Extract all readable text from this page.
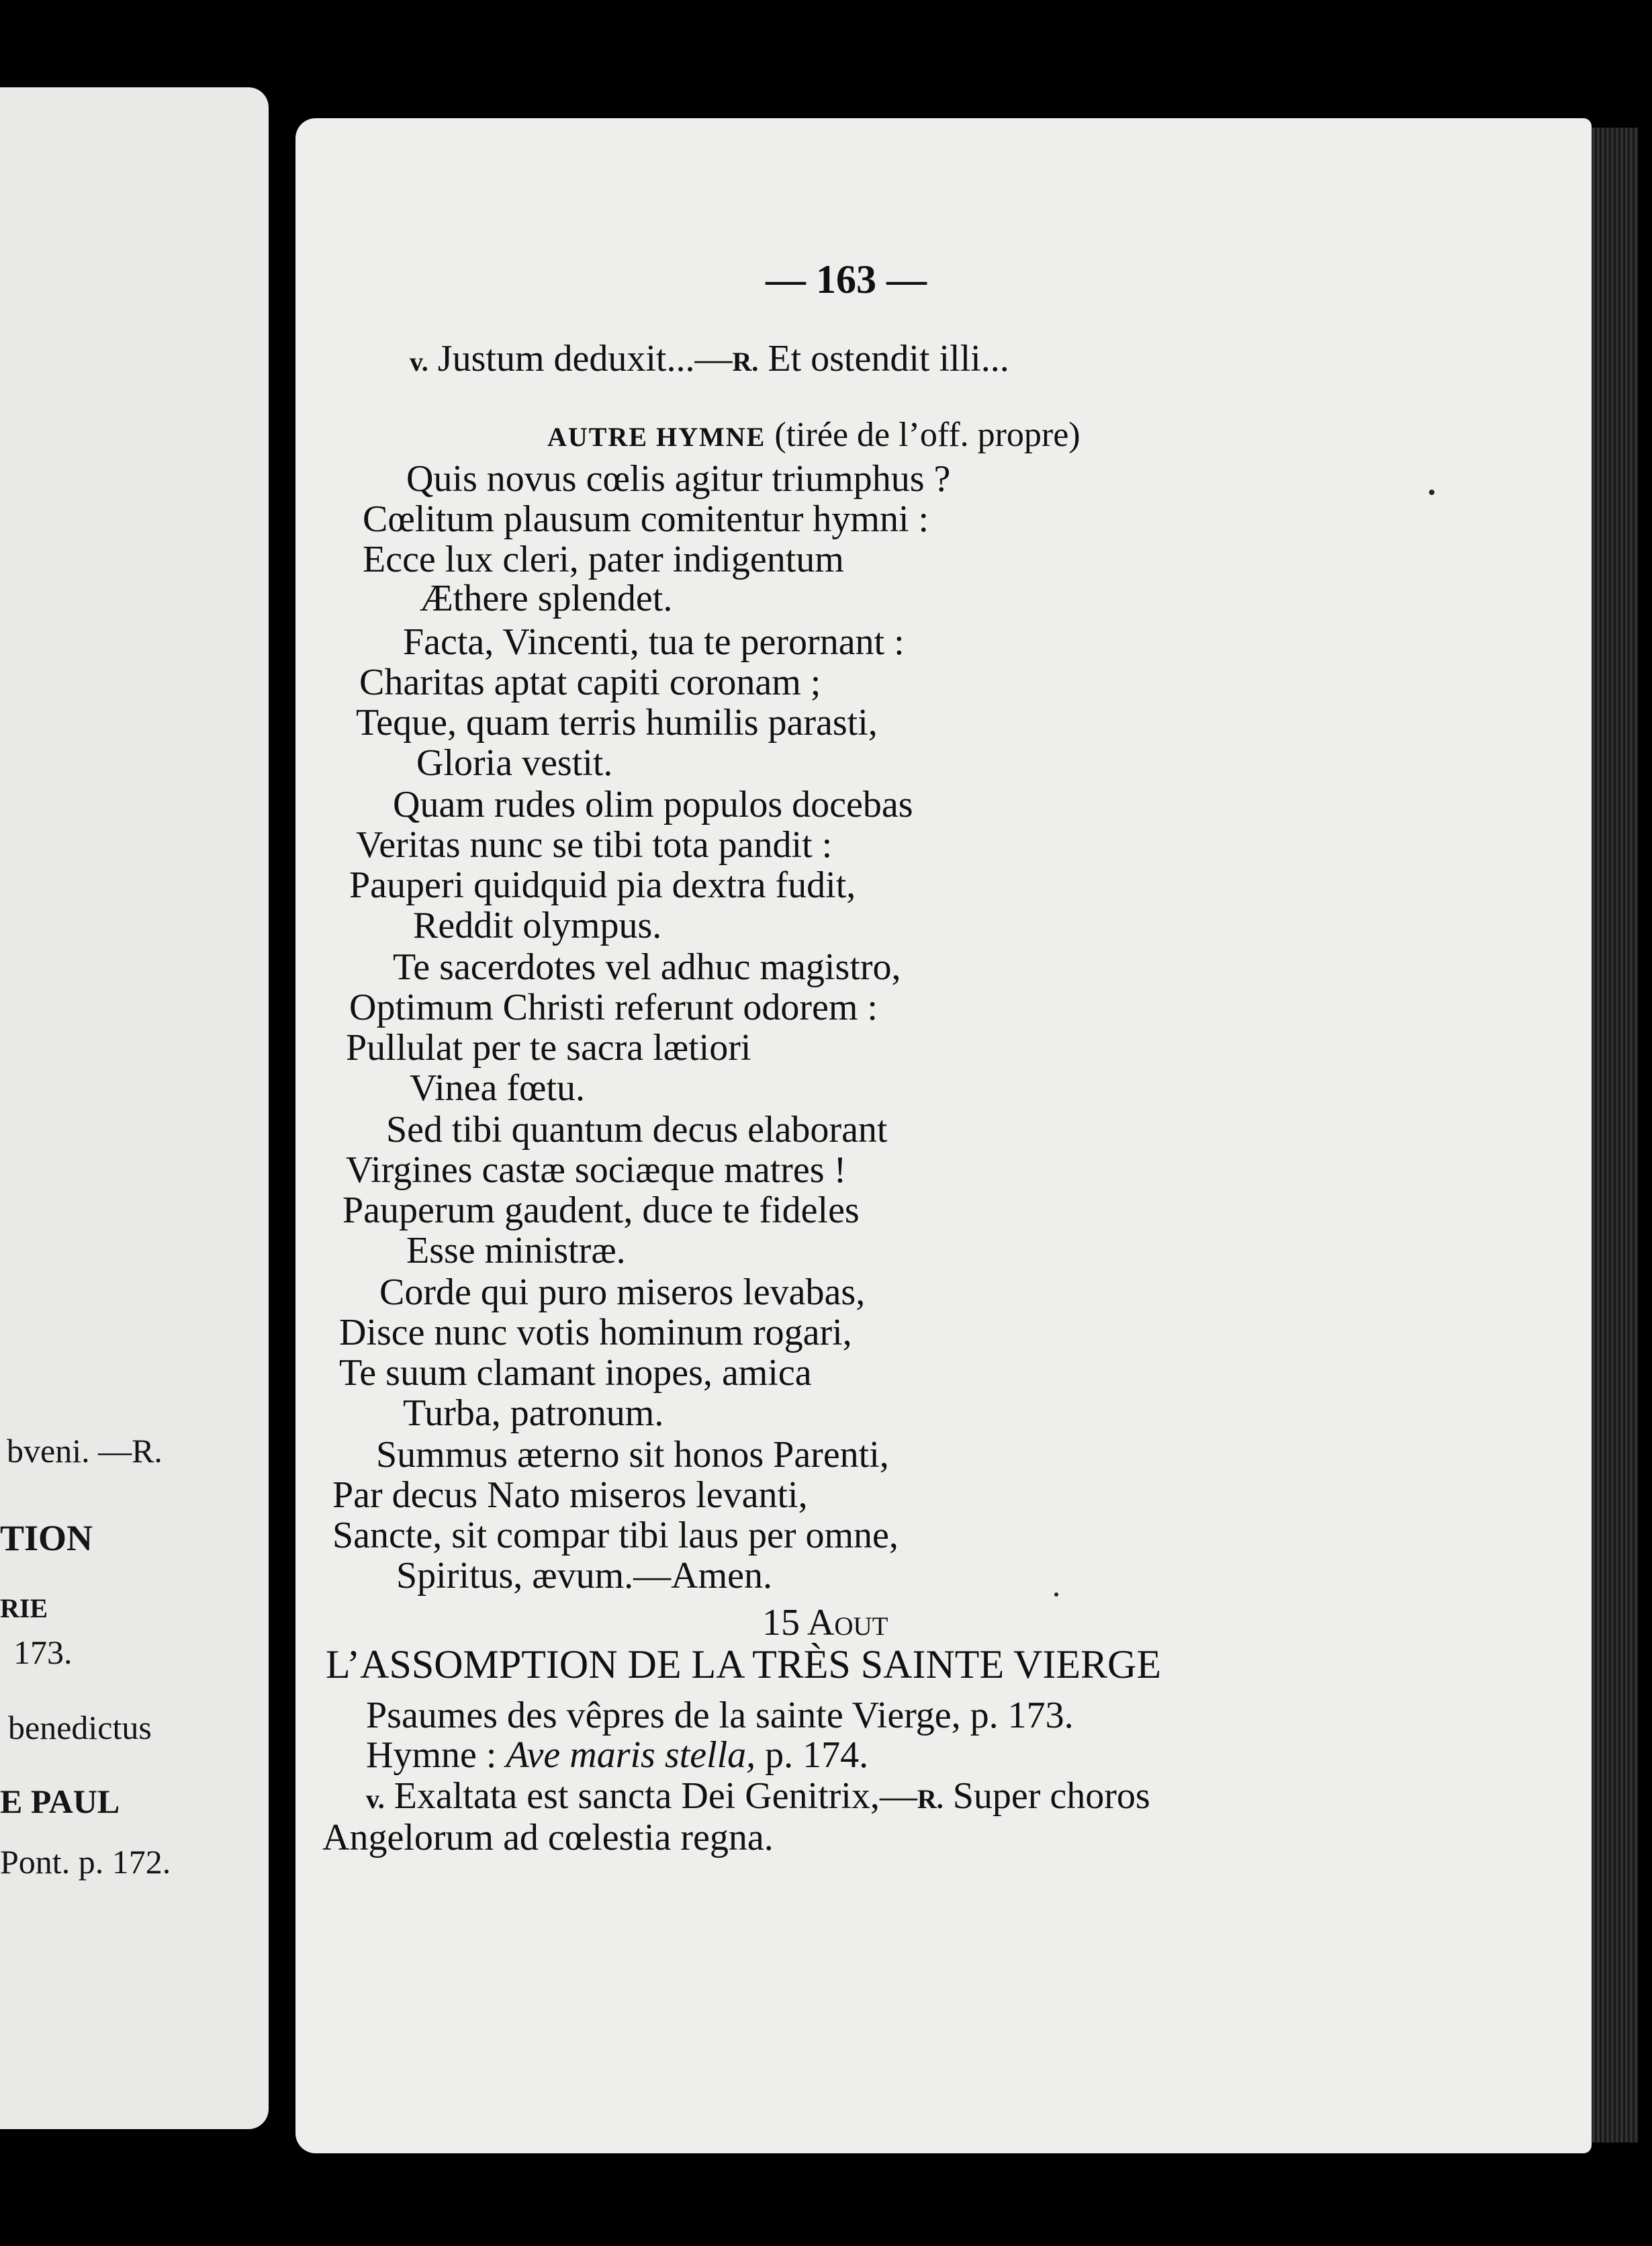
bveni. —R.
TION
RIE
173.
benedictus
E PAUL
Pont. p. 172.
— 163 —
v. Justum deduxit...—R. Et ostendit illi...
AUTRE HYMNE (tirée de l’off. propre)
Quis novus cœlis agitur triumphus ?
Cœlitum plausum comitentur hymni :
Ecce lux cleri, pater indigentum
Æthere splendet.
Facta, Vincenti, tua te perornant :
Charitas aptat capiti coronam ;
Teque, quam terris humilis parasti,
Gloria vestit.
Quam rudes olim populos docebas
Veritas nunc se tibi tota pandit :
Pauperi quidquid pia dextra fudit,
Reddit olympus.
Te sacerdotes vel adhuc magistro,
Optimum Christi referunt odorem :
Pullulat per te sacra lætiori
Vinea fœtu.
Sed tibi quantum decus elaborant
Virgines castæ sociæque matres !
Pauperum gaudent, duce te fideles
Esse ministræ.
Corde qui puro miseros levabas,
Disce nunc votis hominum rogari,
Te suum clamant inopes, amica
Turba, patronum.
Summus æterno sit honos Parenti,
Par decus Nato miseros levanti,
Sancte, sit compar tibi laus per omne,
Spiritus, ævum.—Amen.
15 Aout
L’ASSOMPTION DE LA TRÈS SAINTE VIERGE
Psaumes des vêpres de la sainte Vierge, p. 173.
Hymne : Ave maris stella, p. 174.
v. Exaltata est sancta Dei Genitrix,—R. Super choros
Angelorum ad cœlestia regna.
